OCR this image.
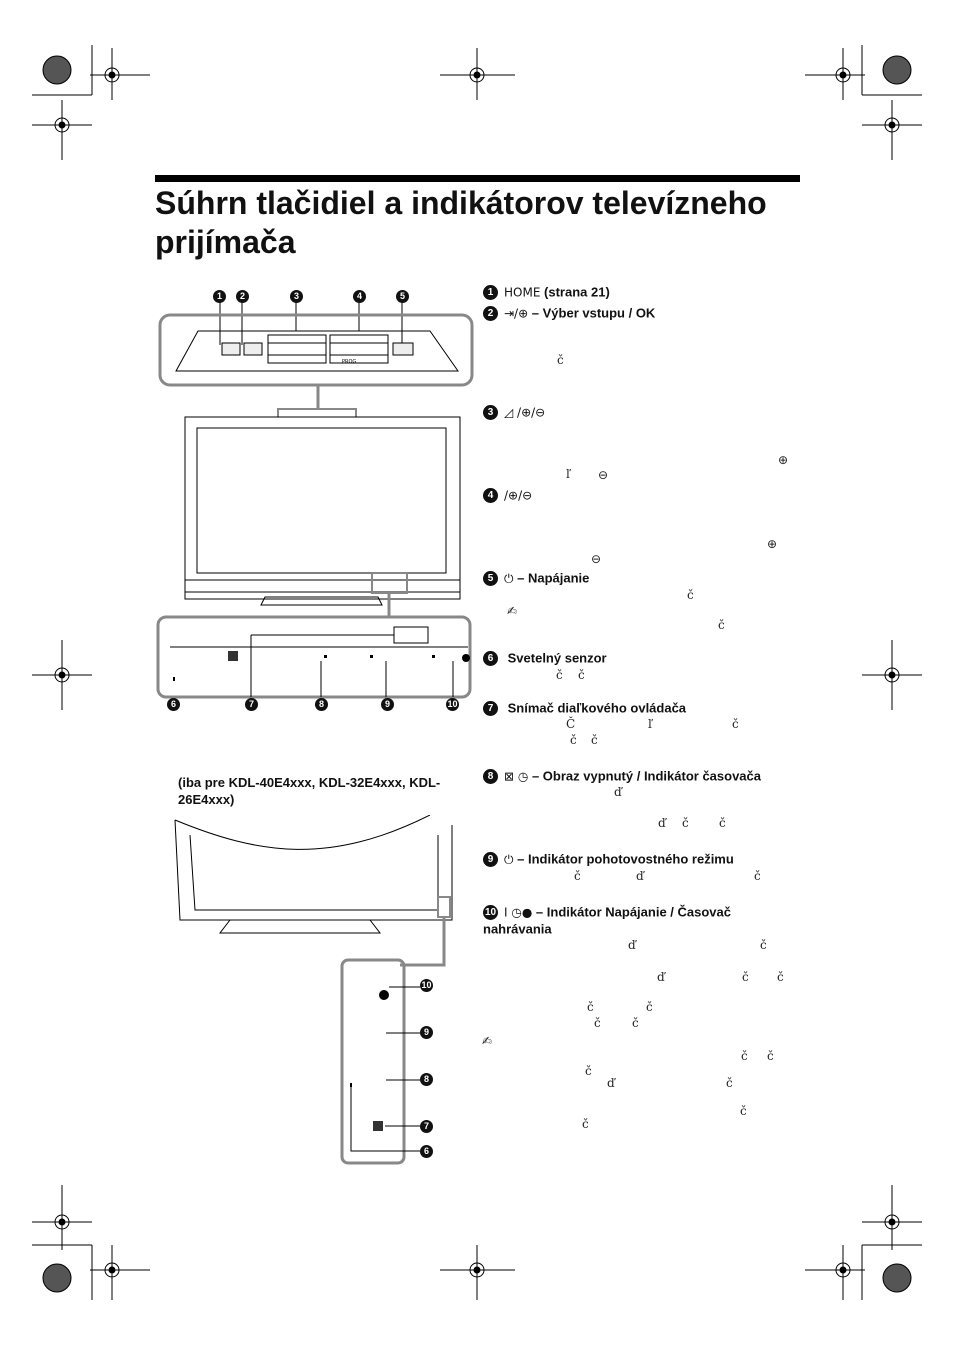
Súhrn tlačidiel a indikátorov televízneho prijímača
PROG
1	2	3	4	5
6	7	8	9	10
(iba pre KDL-40E4xxx, KDL-32E4xxx, KDL-26E4xxx)
10
9
8
7
6
1 HOME (strana 21)
2 ⇥/⊕ – Výber vstupu / OK
č
3 ◿ /⊕/⊖
ľ
4 /⊕/⊖
5 ⏻ – Napájanie
č
✍
č
6 Svetelný senzor
č č
7 Snímač diaľkového ovládača
Č	ľ	č
č č
8 ⊠ ◷ – Obraz vypnutý / Indikátor časovača
ď
ď č	č
9 ⏻ – Indikátor pohotovostného režimu
č	ď	č
10 I ◷● – Indikátor Napájanie / Časovač nahrávania
ď	č
ď	č č
č	č
č	č
✍
č č
č
ď	č
č
č
⊕
⊖
⊕
⊖
